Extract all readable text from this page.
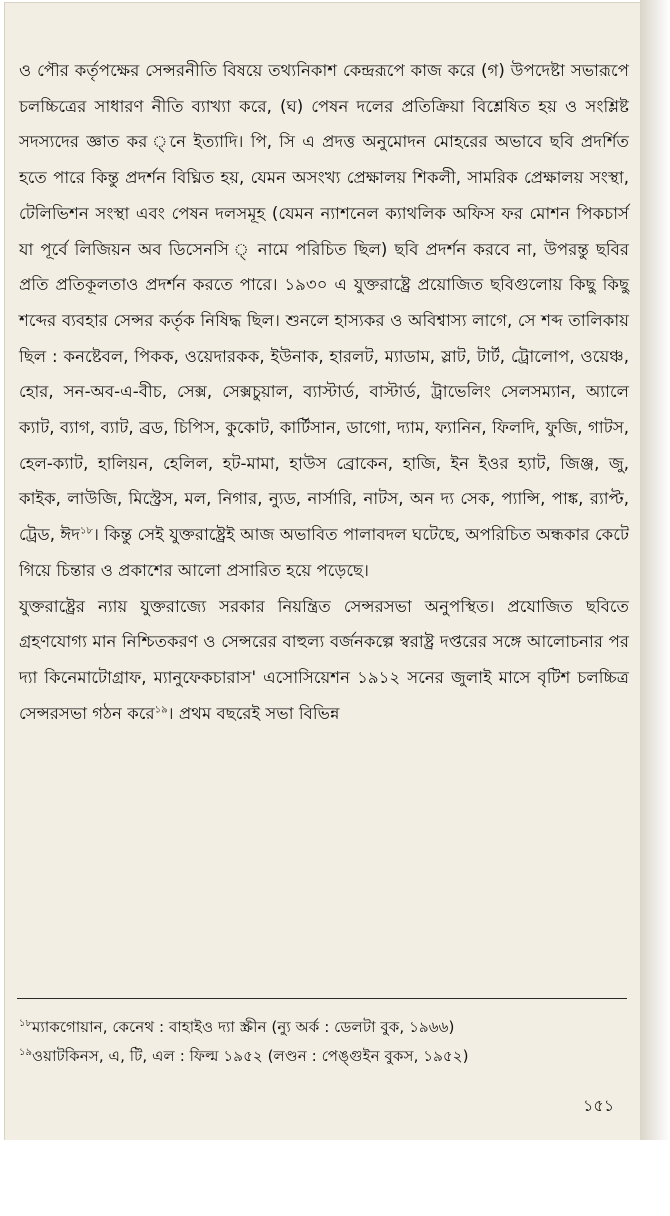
ও পৌর কর্তৃপক্ষের সেন্সরনীতি বিষয়ে তথ্যনিকাশ কেন্দ্ররূপে কাজ করে (গ) উপদেষ্টা সভারূপে চলচ্চিত্রের সাধারণ নীতি ব্যাখ্যা করে, (ঘ) পেষন দলের প্রতিক্রিয়া বিশ্লেষিত হয় ও সংশ্লিষ্ট সদস্যদের জ্ঞাত কর ্নে ইত্যাদি। পি, সি এ প্রদত্ত অনুমোদন মোহরের অভাবে ছবি প্রদর্শিত হতে পারে কিন্তু প্রদর্শন বিঘ্নিত হয়, যেমন অসংখ্য প্রেক্ষালয় শিকলী, সামরিক প্রেক্ষালয় সংস্থা, টেলিভিশন সংস্থা এবং পেষন দলসমূহ (যেমন ন্যাশনেল ক্যাথলিক অফিস ফর মোশন পিকচার্স যা পূর্বে লিজিয়ন অব ডিসেনসি ্ নামে পরিচিত ছিল) ছবি প্রদর্শন করবে না, উপরন্তু ছবির প্রতি প্রতিকূলতাও প্রদর্শন করতে পারে। ১৯৩০ এ যুক্তরাষ্ট্রে প্রয়োজিত ছবিগুলোয় কিছু কিছু শব্দের ব্যবহার সেন্সর কর্তৃক নিষিদ্ধ ছিল। শুনলে হাস্যকর ও অবিশ্বাস্য লাগে, সে শব্দ তালিকায় ছিল : কনষ্টেবল, পিকক, ওয়েদারকক, ইউনাক, হারলট, ম্যাডাম, স্লাট, টার্ট, ট্রোলোপ, ওয়েঞ্চ, হোর, সন-অব-এ-বীচ, সেক্স, সেক্সচুয়াল, ব্যাস্টার্ড, বাস্টার্ড, ট্রাভেলিং সেলসম্যান, অ্যালে ক্যাট, ব্যাগ, ব্যাট, ব্রড, চিপিস, কুকোট, কার্টিসান, ডাগো, দ্যাম, ফ্যানিন, ফিলদি, ফুজি, গাটস, হেল-ক্যাট, হালিয়ন, হেলিল, হট-মামা, হাউস ব্রোকেন, হাজি, ইন ইওর হ্যাট, জিঞ্জ, জু, কাইক, লাউজি, মিস্ট্রেস, মল, নিগার, ন্যুড, নার্সারি, নাটস, অন দ্য সেক, প্যান্সি, পাঙ্ক, র‍্যাপ্ট, ট্রেড, ঈদ$^{১৮}$। কিন্তু সেই যুক্তরাষ্ট্রেই আজ অভাবিত পালাবদল ঘটেছে, অপরিচিত অন্ধকার কেটে গিয়ে চিন্তার ও প্রকাশের আলো প্রসারিত হয়ে পড়েছে।

যুক্তরাষ্ট্রের ন্যায় যুক্তরাজ্যে সরকার নিয়ন্ত্রিত সেন্সরসভা অনুপস্থিত। প্রযোজিত ছবিতে গ্রহণযোগ্য মান নিশ্চিতকরণ ও সেন্সরের বাহুল্য বর্জনকল্পে স্বরাষ্ট্র দপ্তরের সঙ্গে আলোচনার পর দ্যা কিনেমাটোগ্রাফ, ম্যানুফেকচারাস' এসোসিয়েশন ১৯১২ সনের জুলাই মাসে বৃটিশ চলচ্চিত্র সেন্সরসভা গঠন করে$^{১৯}$। প্রথম বছরেই সভা বিভিন্ন

$^{১৮}$ম্যাকগোয়ান, কেনেথ : বাহাইও দ্যা স্ক্রীন (ন্যু অর্ক : ডেলটা বুক, ১৯৬৬)
$^{১৯}$ওয়াটকিনস, এ, টি, এল : ফিল্ম ১৯৫২ (লণ্ডন : পেঙ্গুইন বুকস, ১৯৫২)
১৫১
